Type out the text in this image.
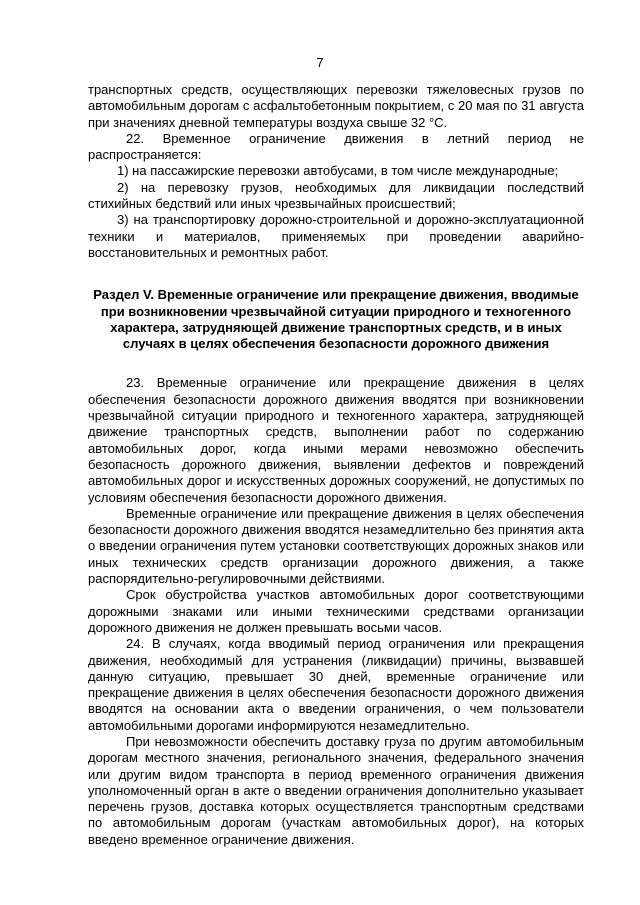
7

транспортных средств, осуществляющих перевозки тяжеловесных грузов по автомобильным дорогам с асфальтобетонным покрытием, с 20 мая по 31 августа при значениях дневной температуры воздуха свыше 32 °С.

22. Временное ограничение движения в летний период не распространяется:

1) на пассажирские перевозки автобусами, в том числе международные;

2) на перевозку грузов, необходимых для ликвидации последствий стихийных бедствий или иных чрезвычайных происшествий;

3) на транспортировку дорожно-строительной и дорожно-эксплуатационной техники и материалов, применяемых при проведении аварийно-восстановительных и ремонтных работ.

Раздел V. Временные ограничение или прекращение движения, вводимые при возникновении чрезвычайной ситуации природного и техногенного характера, затрудняющей движение транспортных средств, и в иных случаях в целях обеспечения безопасности дорожного движения

23. Временные ограничение или прекращение движения в целях обеспечения безопасности дорожного движения вводятся при возникновении чрезвычайной ситуации природного и техногенного характера, затрудняющей движение транспортных средств, выполнении работ по содержанию автомобильных дорог, когда иными мерами невозможно обеспечить безопасность дорожного движения, выявлении дефектов и повреждений автомобильных дорог и искусственных дорожных сооружений, не допустимых по условиям обеспечения безопасности дорожного движения.

Временные ограничение или прекращение движения в целях обеспечения безопасности дорожного движения вводятся незамедлительно без принятия акта о введении ограничения путем установки соответствующих дорожных знаков или иных технических средств организации дорожного движения, а также распорядительно-регулировочными действиями.

Срок обустройства участков автомобильных дорог соответствующими дорожными знаками или иными техническими средствами организации дорожного движения не должен превышать восьми часов.

24. В случаях, когда вводимый период ограничения или прекращения движения, необходимый для устранения (ликвидации) причины, вызвавшей данную ситуацию, превышает 30 дней, временные ограничение или прекращение движения в целях обеспечения безопасности дорожного движения вводятся на основании акта о введении ограничения, о чем пользователи автомобильными дорогами информируются незамедлительно.

При невозможности обеспечить доставку груза по другим автомобильным дорогам местного значения, регионального значения, федерального значения или другим видом транспорта в период временного ограничения движения уполномоченный орган в акте о введении ограничения дополнительно указывает перечень грузов, доставка которых осуществляется транспортным средствами по автомобильным дорогам (участкам автомобильных дорог), на которых введено временное ограничение движения.
